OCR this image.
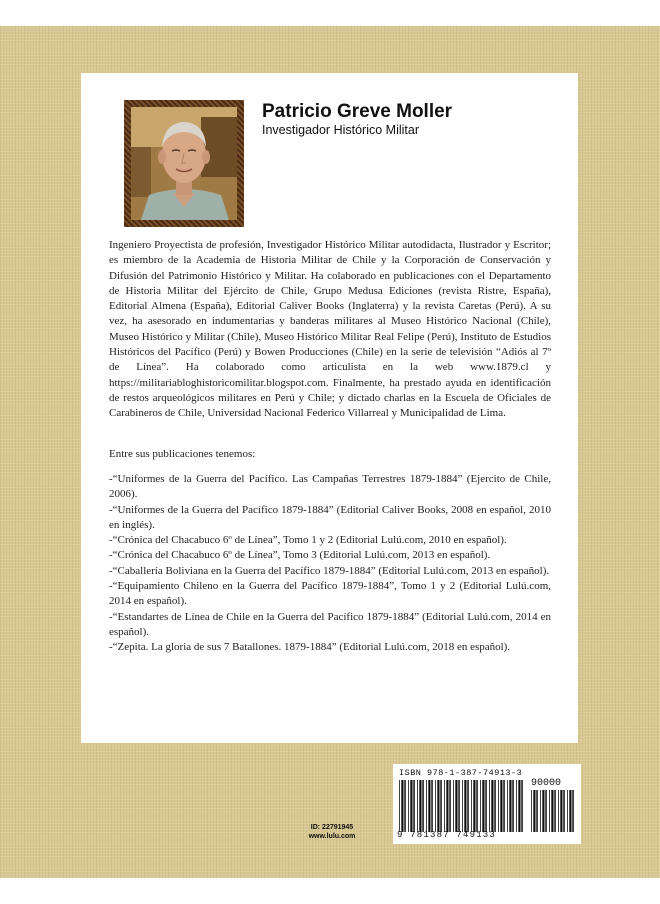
Patricio Greve Moller
Investigador Histórico Militar

Ingeniero Proyectista de profesión, Investigador Histórico Militar autodidacta, Ilustrador y Escritor; es miembro de la Academia de Historia Militar de Chile y la Corporación de Conservación y Difusión del Patrimonio Histórico y Militar. Ha colaborado en publicaciones con el Departamento de Historia Militar del Ejército de Chile, Grupo Medusa Ediciones (revista Ristre, España), Editorial Almena (España), Editorial Caliver Books (Inglaterra) y la revista Caretas (Perú). A su vez, ha asesorado en indumentarias y banderas militares al Museo Histórico Nacional (Chile), Museo Histórico y Militar (Chile), Museo Histórico Militar Real Felipe (Perú), Instituto de Estudios Históricos del Pacífico (Perú) y Bowen Producciones (Chile) en la serie de televisión “Adiós al 7º de Línea”. Ha colaborado como articulista en la web www.1879.cl y https://militariabloghistoricomilitar.blogspot.com. Finalmente, ha prestado ayuda en identificación de restos arqueológicos militares en Perú y Chile; y dictado charlas en la Escuela de Oficiales de Carabineros de Chile, Universidad Nacional Federico Villarreal y Municipalidad de Lima.

Entre sus publicaciones tenemos:

-“Uniformes de la Guerra del Pacífico. Las Campañas Terrestres 1879-1884” (Ejercito de Chile, 2006).
-“Uniformes de la Guerra del Pacífico 1879-1884” (Editorial Caliver Books, 2008 en español, 2010 en inglés).
-“Crónica del Chacabuco 6º de Línea”, Tomo 1 y 2 (Editorial Lulú.com, 2010 en español).
-“Crónica del Chacabuco 6º de Línea”, Tomo 3 (Editorial Lulú.com, 2013 en español).
-“Caballería Boliviana en la Guerra del Pacífico 1879-1884” (Editorial Lulú.com, 2013 en español).
-“Equipamiento Chileno en la Guerra del Pacífico 1879-1884”, Tomo 1 y 2 (Editorial Lulú.com, 2014 en español).
-“Estandartes de Línea de Chile en la Guerra del Pacífico 1879-1884” (Editorial Lulú.com, 2014 en español).
-“Zepita. La gloria de sus 7 Batallones. 1879-1884” (Editorial Lulú.com, 2018 en español).
ID: 22791945
www.lulu.com
ISBN 978-1-387-74913-3
90000
9 781387 749133
